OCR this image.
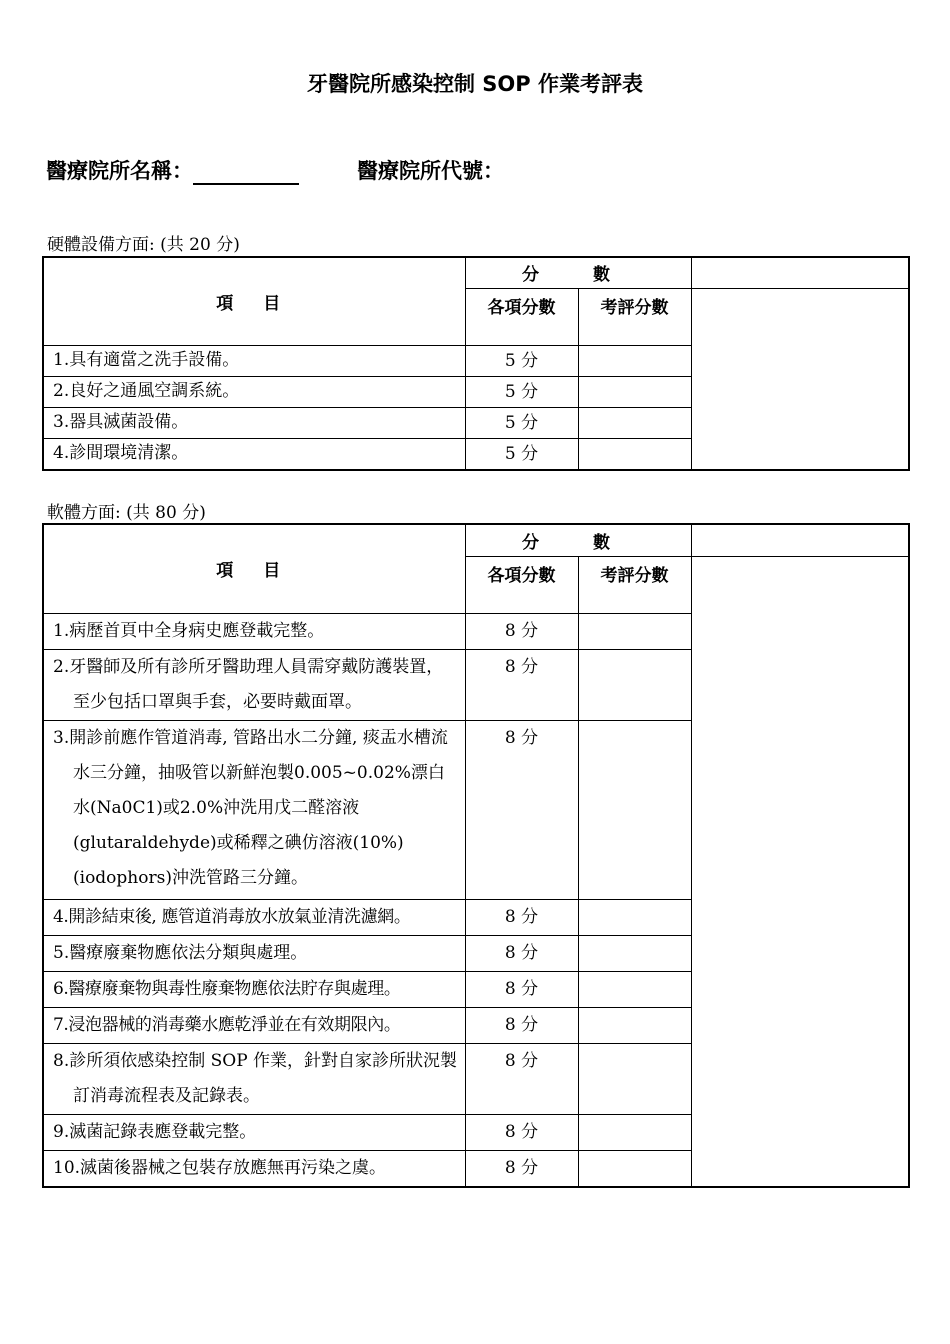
牙醫院所感染控制 SOP 作業考評表
醫療院所名稱：	醫療院所代號：
硬體設備方面: (共 20 分)
項 目	分 數		
	各項分數	考評分數	
1.具有適當之洗手設備。	5 分		
2.良好之通風空調系統。	5 分		
3.器具滅菌設備。	5 分		
4.診間環境清潔。	5 分		
軟體方面: (共 80 分)
項 目	分 數		
	各項分數	考評分數	

1.病歷首頁中全身病史應登載完整。	8 分		

2.牙醫師及所有診所牙醫助理人員需穿戴防護裝置，至少包括口罩與手套，必要時戴面罩。	8 分		

3.開診前應作管道消毒, 管路出水二分鐘, 痰盂水槽流水三分鐘，抽吸管以新鮮泡製0.005~0.02%漂白水(Na0C1)或2.0%沖洗用戊二醛溶液(glutaraldehyde)或稀釋之碘仿溶液(10%)(iodophors)沖洗管路三分鐘。	8 分		

4.開診結束後, 應管道消毒放水放氣並清洗濾網。	8 分		

5.醫療廢棄物應依法分類與處理。	8 分		

6.醫療廢棄物與毒性廢棄物應依法貯存與處理。	8 分		

7.浸泡器械的消毒藥水應乾淨並在有效期限內。	8 分		

8.診所須依感染控制 SOP 作業，針對自家診所狀況製訂消毒流程表及記錄表。	8 分		

9.滅菌記錄表應登載完整。	8 分		

10.滅菌後器械之包裝存放應無再污染之虞。	8 分		
